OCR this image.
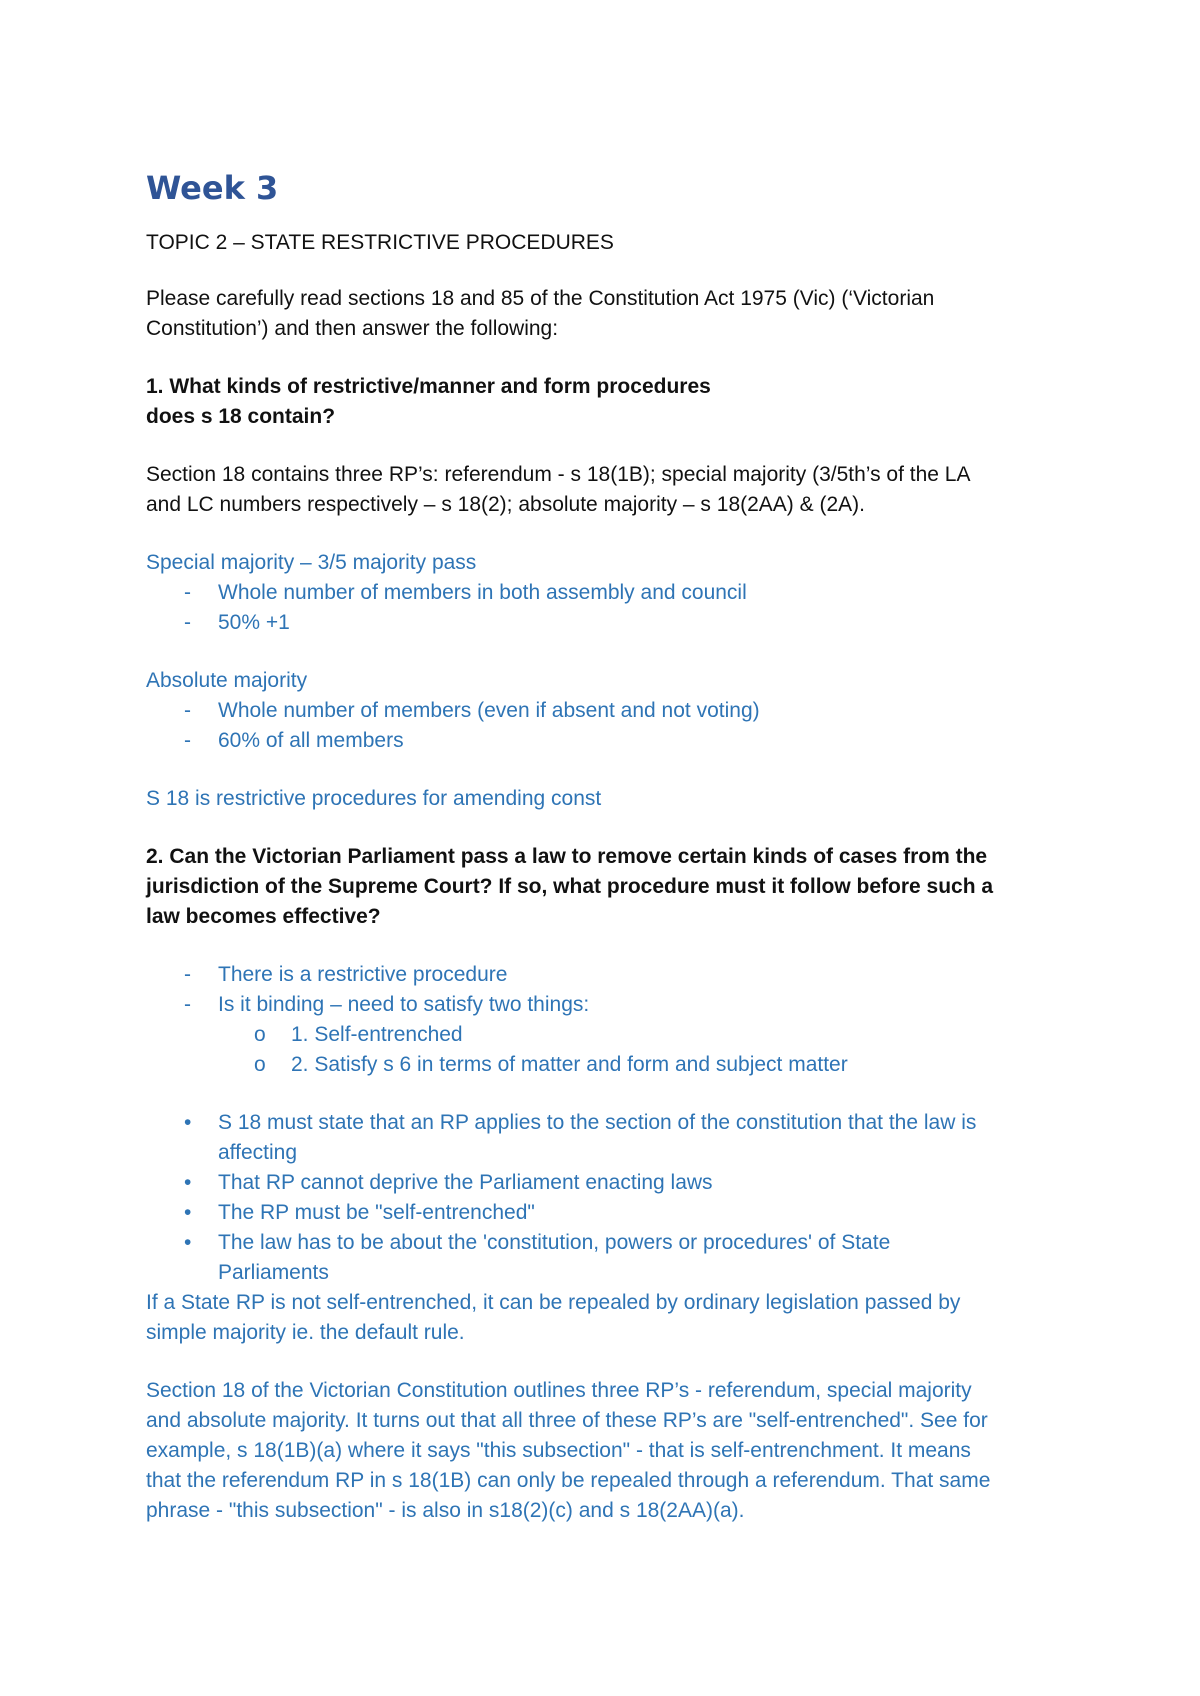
Week 3

TOPIC 2 – STATE RESTRICTIVE PROCEDURES

Please carefully read sections 18 and 85 of the Constitution Act 1975 (Vic) (‘Victorian

Constitution’) and then answer the following:

1. What kinds of restrictive/manner and form procedures

does s 18 contain?

Section 18 contains three RP’s: referendum - s 18(1B); special majority (3/5th’s of the LA

and LC numbers respectively – s 18(2); absolute majority – s 18(2AA) & (2A).

Special majority – 3/5 majority pass

- Whole number of members in both assembly and council
- 50% +1

Absolute majority

- Whole number of members (even if absent and not voting)
- 60% of all members

S 18 is restrictive procedures for amending const

2. Can the Victorian Parliament pass a law to remove certain kinds of cases from the

jurisdiction of the Supreme Court? If so, what procedure must it follow before such a

law becomes effective?

- There is a restrictive procedure
- Is it binding – need to satisfy two things:
o 1. Self-entrenched
o 2. Satisfy s 6 in terms of matter and form and subject matter
• S 18 must state that an RP applies to the section of the constitution that the law is
affecting
• That RP cannot deprive the Parliament enacting laws
• The RP must be "self-entrenched"
• The law has to be about the 'constitution, powers or procedures' of State
Parliaments

If a State RP is not self-entrenched, it can be repealed by ordinary legislation passed by

simple majority ie. the default rule.

Section 18 of the Victorian Constitution outlines three RP’s - referendum, special majority

and absolute majority. It turns out that all three of these RP’s are "self-entrenched". See for

example, s 18(1B)(a) where it says "this subsection" - that is self-entrenchment. It means

that the referendum RP in s 18(1B) can only be repealed through a referendum. That same

phrase - "this subsection" - is also in s18(2)(c) and s 18(2AA)(a).
